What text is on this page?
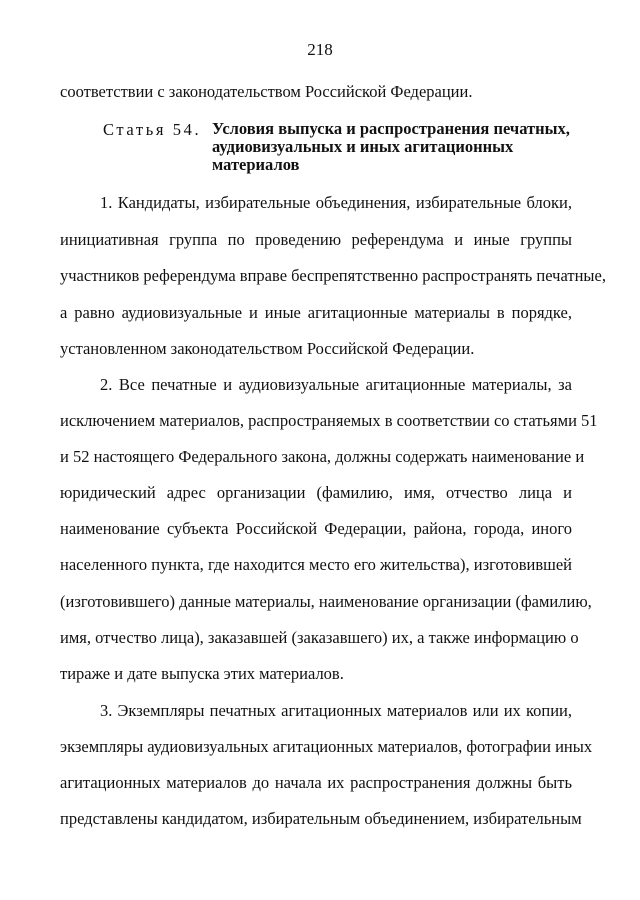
218
соответствии с законодательством Российской Федерации.
Статья 54. Условия выпуска и распространения печатных,
аудиовизуальных и иных агитационных
материалов
1. Кандидаты, избирательные объединения, избирательные блоки,
инициативная группа по проведению референдума и иные группы
участников референдума вправе беспрепятственно распространять печатные,
а равно аудиовизуальные и иные агитационные материалы в порядке,
установленном законодательством Российской Федерации.
2. Все печатные и аудиовизуальные агитационные материалы, за
исключением материалов, распространяемых в соответствии со статьями 51
и 52 настоящего Федерального закона, должны содержать наименование и
юридический адрес организации (фамилию, имя, отчество лица и
наименование субъекта Российской Федерации, района, города, иного
населенного пункта, где находится место его жительства), изготовившей
(изготовившего) данные материалы, наименование организации (фамилию,
имя, отчество лица), заказавшей (заказавшего) их, а также информацию о
тираже и дате выпуска этих материалов.
3. Экземпляры печатных агитационных материалов или их копии,
экземпляры аудиовизуальных агитационных материалов, фотографии иных
агитационных материалов до начала их распространения должны быть
представлены кандидатом, избирательным объединением, избирательным
